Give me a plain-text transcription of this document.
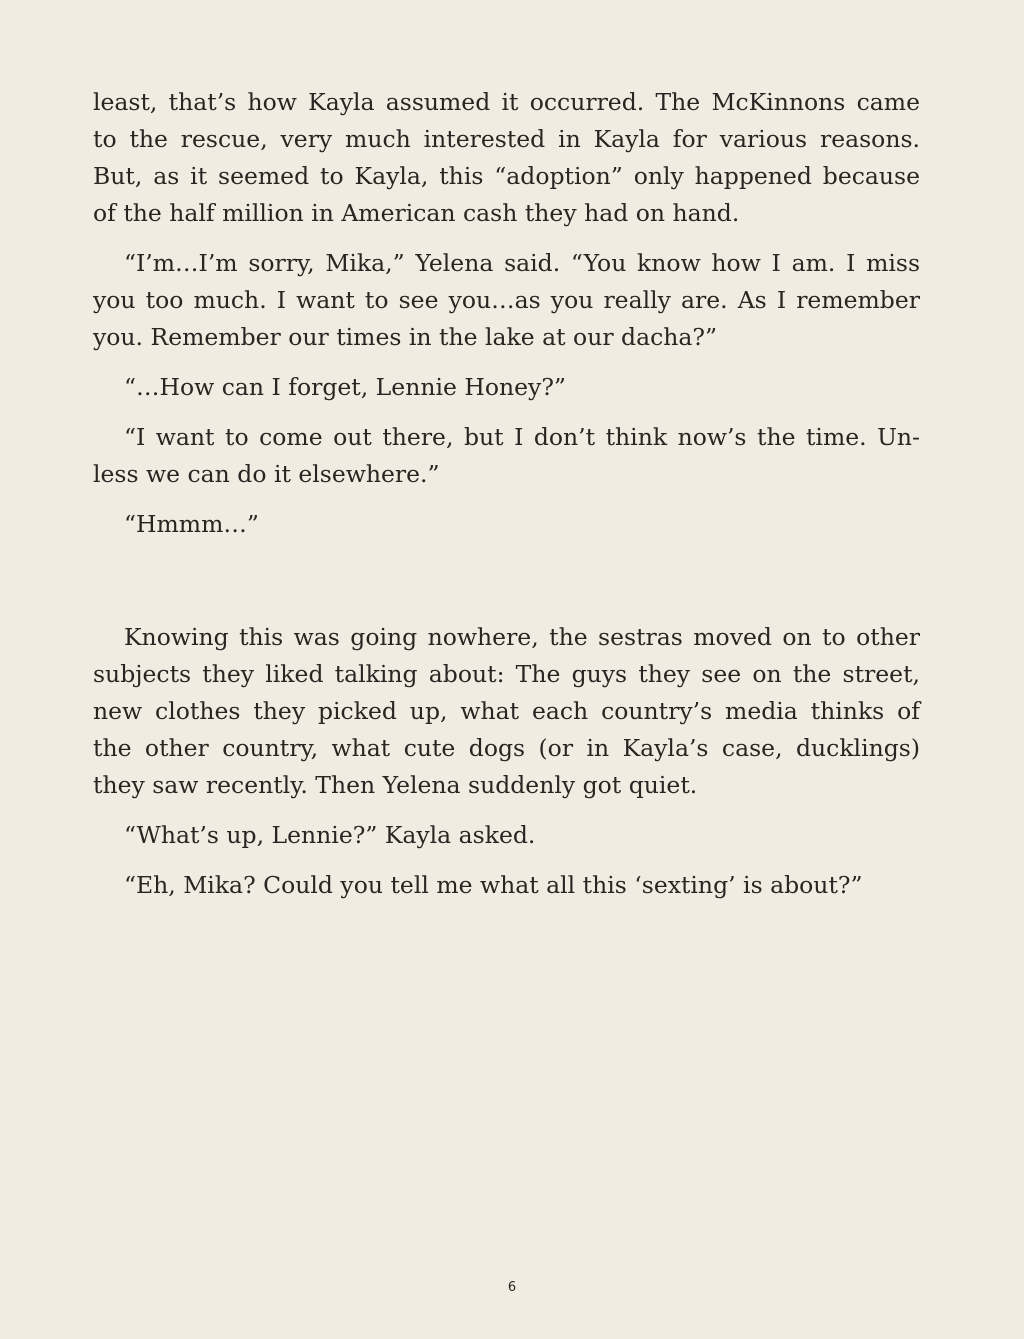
least, that’s how Kayla assumed it occurred. The McKinnons came
to the rescue, very much interested in Kayla for various reasons.
But, as it seemed to Kayla, this “adoption” only happened because
of the half million in American cash they had on hand.
“I’m…I’m sorry, Mika,” Yelena said. “You know how I am. I miss
you too much. I want to see you…as you really are. As I remember
you. Remember our times in the lake at our dacha?”
“…How can I forget, Lennie Honey?”
“I want to come out there, but I don’t think now’s the time. Un-
less we can do it elsewhere.”
“Hmmm…”
Knowing this was going nowhere, the sestras moved on to other
subjects they liked talking about: The guys they see on the street,
new clothes they picked up, what each country’s media thinks of
the other country, what cute dogs (or in Kayla’s case, ducklings)
they saw recently. Then Yelena suddenly got quiet.
“What’s up, Lennie?” Kayla asked.
“Eh, Mika? Could you tell me what all this ‘sexting’ is about?”
6
